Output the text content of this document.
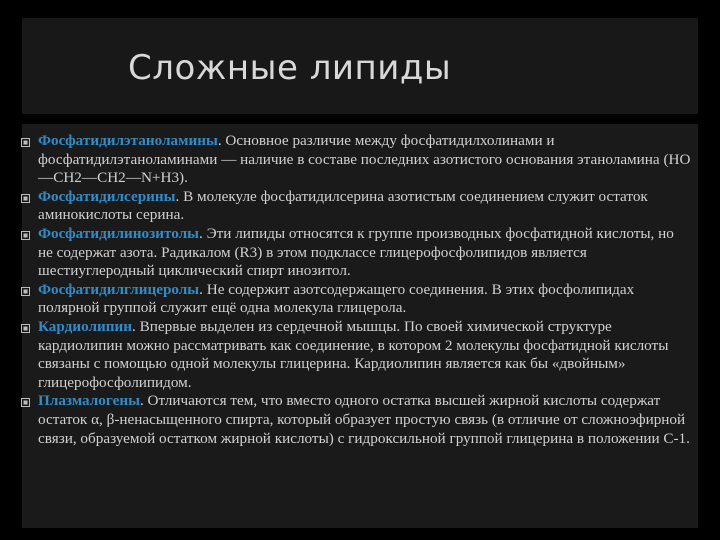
Сложные липиды
Фосфатидилэтаноламины. Основное различие между фосфатидилхолинами и фосфатидилэтаноламинами — наличие в составе последних азотистого основания этаноламина (НО—СН2—СН2—N+H3).
Фосфатидилсерины. В молекуле фосфатидилсерина азотистым соединением служит остаток аминокислоты серина.
Фосфатидилинозитолы. Эти липиды относятся к группе производных фосфатидной кислоты, но не содержат азота. Радикалом (R3) в этом подклассе глицерофосфолипидов является шестиуглеродный циклический спирт инозитол.
Фосфатидилглицеролы. Не содержит азотсодержащего соединения. В этих фосфолипидах полярной группой служит ещё одна молекула глицерола.
Кардиолипин. Впервые выделен из сердечной мышцы. По своей химической структуре кардиолипин можно рассматривать как соединение, в котором 2 молекулы фосфатидной кислоты связаны с помощью одной молекулы глицерина. Кардиолипин является как бы «двойным» глицерофосфолипидом.
Плазмалогены. Отличаются тем, что вместо одного остатка высшей жирной кислоты содержат остаток α, β-ненасыщенного спирта, который образует простую связь (в отличие от сложноэфирной связи, образуемой остатком жирной кислоты) с гидроксильной группой глицерина в положении С-1.
